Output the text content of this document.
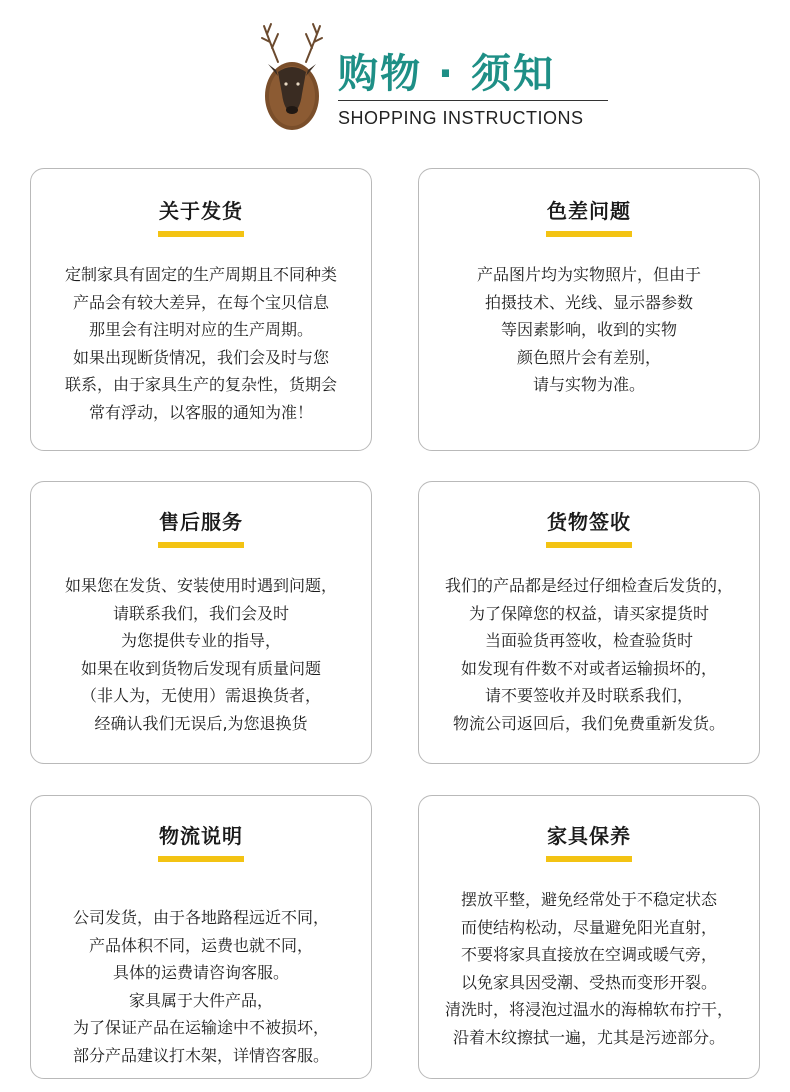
购物 · 须知
SHOPPING INSTRUCTIONS
关于发货

定制家具有固定的生产周期且不同种类

产品会有较大差异，在每个宝贝信息

那里会有注明对应的生产周期。

如果出现断货情况，我们会及时与您

联系，由于家具生产的复杂性，货期会

常有浮动，以客服的通知为准！

色差问题

产品图片均为实物照片，但由于

拍摄技术、光线、显示器参数

等因素影响，收到的实物

颜色照片会有差别，

请与实物为准。

售后服务

如果您在发货、安装使用时遇到问题，

请联系我们，我们会及时

为您提供专业的指导，

如果在收到货物后发现有质量问题

（非人为，无使用）需退换货者，

经确认我们无误后,为您退换货

货物签收

我们的产品都是经过仔细检查后发货的，

为了保障您的权益，请买家提货时

当面验货再签收，检查验货时

如发现有件数不对或者运输损坏的，

请不要签收并及时联系我们，

物流公司返回后，我们免费重新发货。

物流说明

公司发货，由于各地路程远近不同，

产品体积不同，运费也就不同，

具体的运费请咨询客服。

家具属于大件产品，

为了保证产品在运输途中不被损坏，

部分产品建议打木架，详情咨客服。

家具保养

摆放平整，避免经常处于不稳定状态

而使结构松动，尽量避免阳光直射，

不要将家具直接放在空调或暖气旁，

以免家具因受潮、受热而变形开裂。

清洗时，将浸泡过温水的海棉软布拧干，

沿着木纹擦拭一遍，尤其是污迹部分。
